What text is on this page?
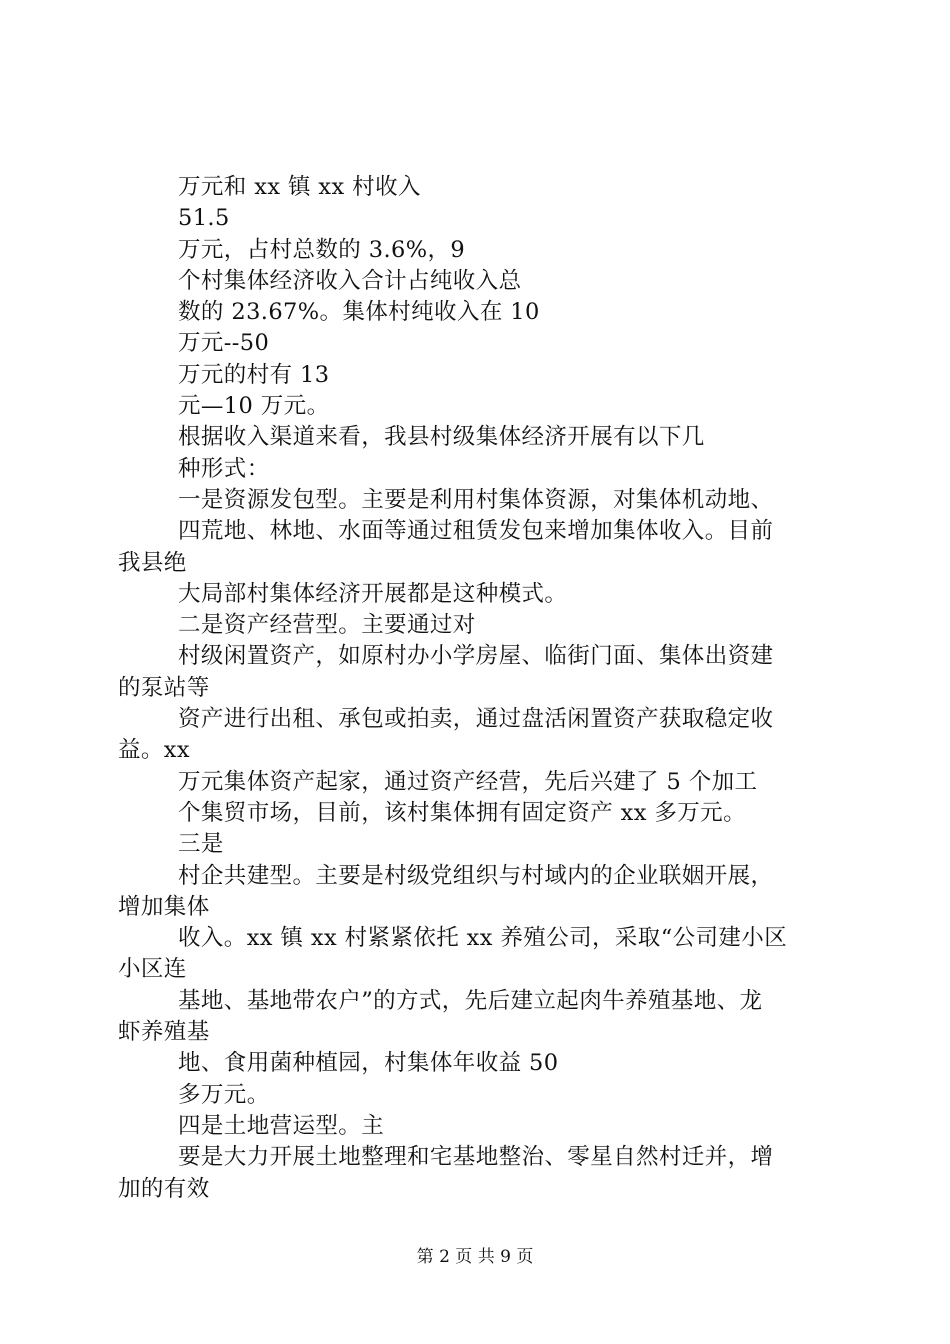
万元和 xx 镇 xx 村收入
51.5
万元，占村总数的 3.6%，9
个村集体经济收入合计占纯收入总
数的 23.67%。集体村纯收入在 10
万元--50
万元的村有 13
元—10 万元。
根据收入渠道来看，我县村级集体经济开展有以下几
种形式：
一是资源发包型。主要是利用村集体资源，对集体机动地、
四荒地、林地、水面等通过租赁发包来增加集体收入。目前
我县绝
大局部村集体经济开展都是这种模式。
二是资产经营型。主要通过对
村级闲置资产，如原村办小学房屋、临街门面、集体出资建
的泵站等
资产进行出租、承包或拍卖，通过盘活闲置资产获取稳定收
益。xx
万元集体资产起家，通过资产经营，先后兴建了 5 个加工
个集贸市场，目前，该村集体拥有固定资产 xx 多万元。
三是
村企共建型。主要是村级党组织与村域内的企业联姻开展，
增加集体
收入。xx 镇 xx 村紧紧依托 xx 养殖公司，采取“公司建小区
小区连
基地、基地带农户”的方式，先后建立起肉牛养殖基地、龙
虾养殖基
地、食用菌种植园，村集体年收益 50
多万元。
四是土地营运型。主
要是大力开展土地整理和宅基地整治、零星自然村迁并，增
加的有效
第 2 页 共 9 页
